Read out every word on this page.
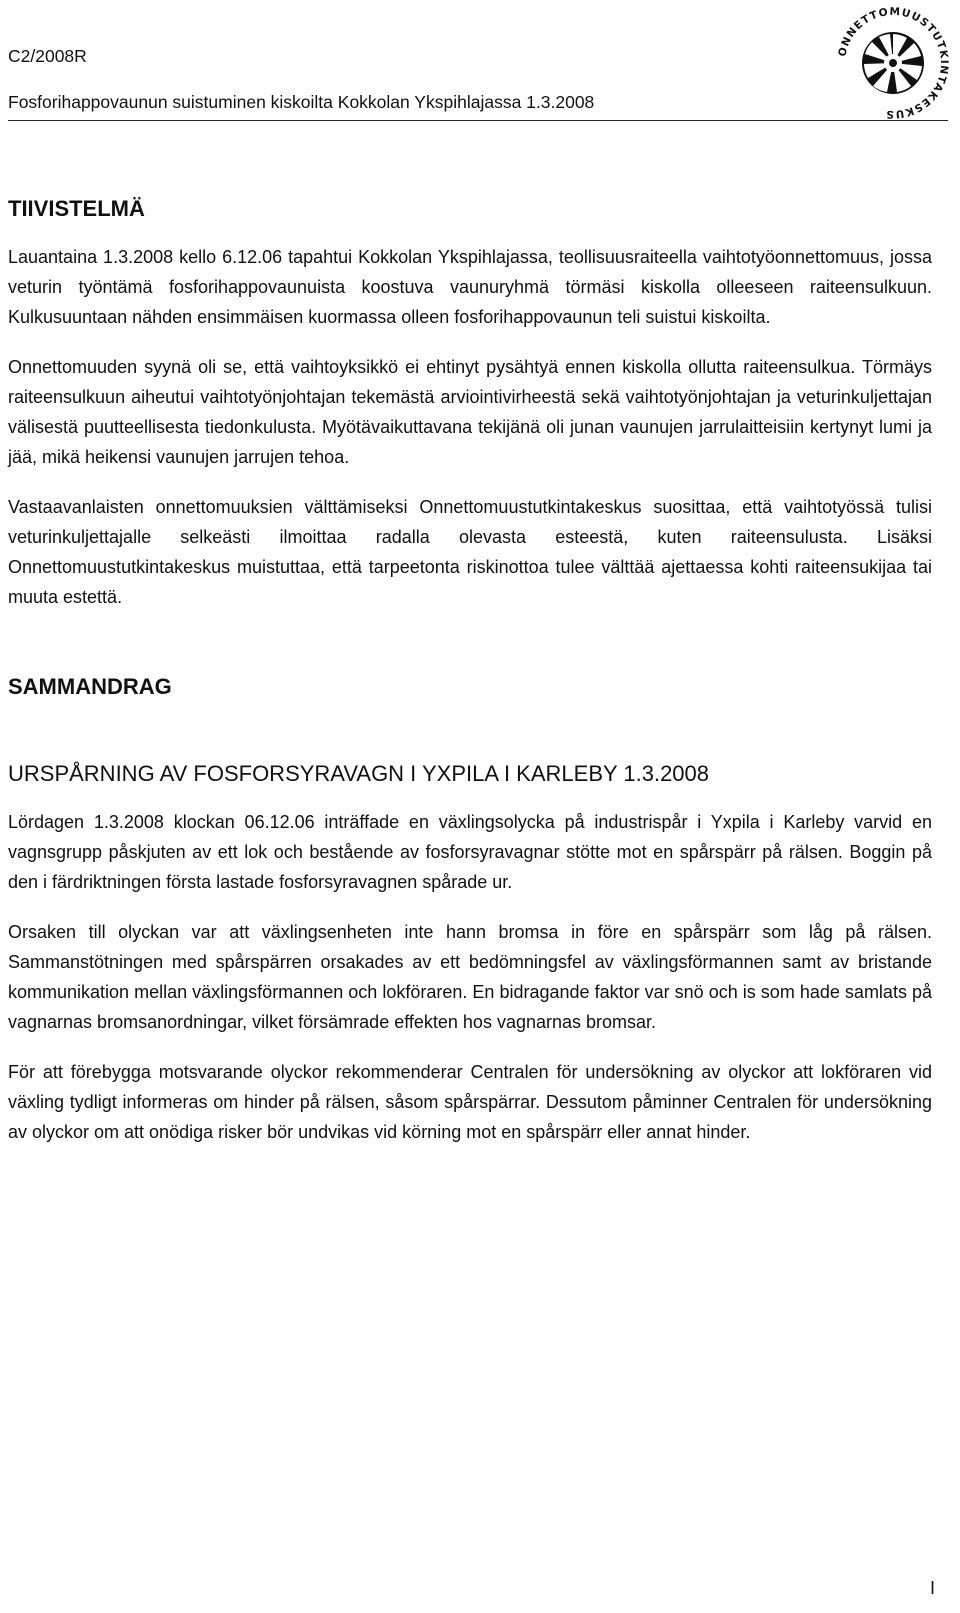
C2/2008R
Fosforihappovaunun suistuminen kiskoilta Kokkolan Ykspihlajassa 1.3.2008
ONNETTOMUUSTUTKINTAKESKUS
TIIVISTELMÄ

Lauantaina 1.3.2008 kello 6.12.06 tapahtui Kokkolan Ykspihlajassa, teollisuusraiteella vaihtotyöonnettomuus, jossa veturin työntämä fosforihappovaunuista koostuva vaunuryhmä törmäsi kiskolla olleeseen raiteensulkuun. Kulkusuuntaan nähden ensimmäisen kuormassa olleen fosforihappovaunun teli suistui kiskoilta.

Onnettomuuden syynä oli se, että vaihtoyksikkö ei ehtinyt pysähtyä ennen kiskolla ollutta raiteensulkua. Törmäys raiteensulkuun aiheutui vaihtotyönjohtajan tekemästä arviointivirheestä sekä vaihtotyönjohtajan ja veturinkuljettajan välisestä puutteellisesta tiedonkulusta. Myötävaikuttavana tekijänä oli junan vaunujen jarrulaitteisiin kertynyt lumi ja jää, mikä heikensi vaunujen jarrujen tehoa.

Vastaavanlaisten onnettomuuksien välttämiseksi Onnettomuustutkintakeskus suosittaa, että vaihtotyössä tulisi veturinkuljettajalle selkeästi ilmoittaa radalla olevasta esteestä, kuten raiteensulusta. Lisäksi Onnettomuustutkintakeskus muistuttaa, että tarpeetonta riskinottoa tulee välttää ajettaessa kohti raiteensukijaa tai muuta estettä.

SAMMANDRAG
URSPÅRNING AV FOSFORSYRAVAGN I YXPILA I KARLEBY 1.3.2008

Lördagen 1.3.2008 klockan 06.12.06 inträffade en växlingsolycka på industrispår i Yxpila i Karleby varvid en vagnsgrupp påskjuten av ett lok och bestående av fosforsyravagnar stötte mot en spårspärr på rälsen. Boggin på den i färdriktningen första lastade fosforsyravagnen spårade ur.

Orsaken till olyckan var att växlingsenheten inte hann bromsa in före en spårspärr som låg på rälsen. Sammanstötningen med spårspärren orsakades av ett bedömningsfel av växlingsförmannen samt av bristande kommunikation mellan växlingsförmannen och lokföraren. En bidragande faktor var snö och is som hade samlats på vagnarnas bromsanordningar, vilket försämrade effekten hos vagnarnas bromsar.

För att förebygga motsvarande olyckor rekommenderar Centralen för undersökning av olyckor att lokföraren vid växling tydligt informeras om hinder på rälsen, såsom spårspärrar. Dessutom påminner Centralen för undersökning av olyckor om att onödiga risker bör undvikas vid körning mot en spårspärr eller annat hinder.

I
